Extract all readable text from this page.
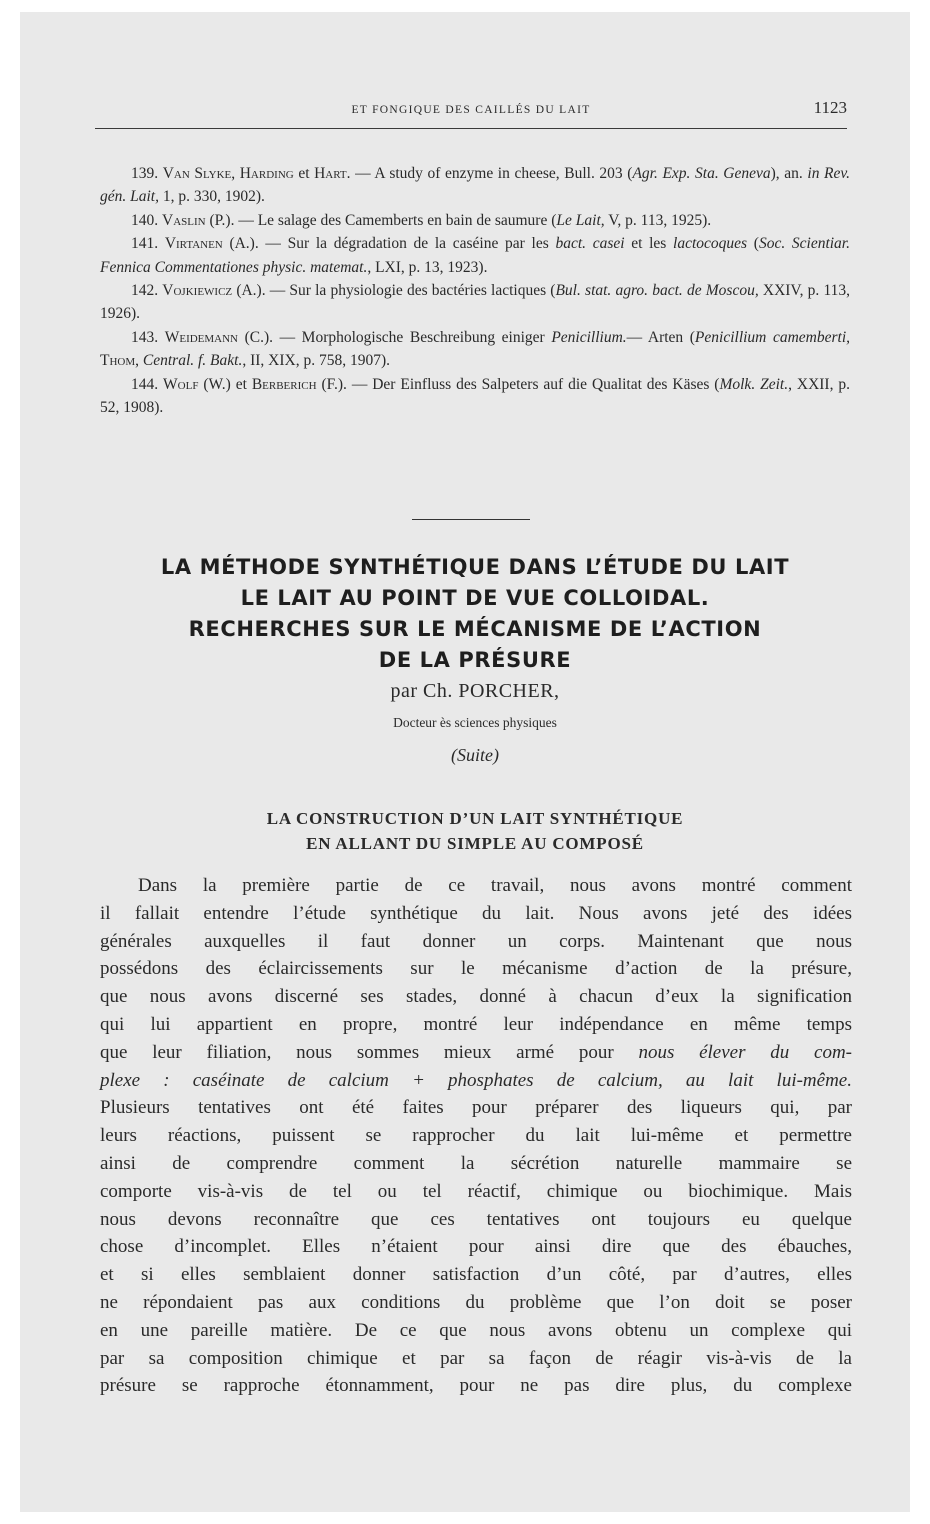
ET FONGIQUE DES CAILLÉS DU LAIT	1123

139. Van Slyke, Harding et Hart. — A study of enzyme in cheese, Bull. 203 (Agr. Exp. Sta. Geneva), an. in Rev. gén. Lait, 1, p. 330, 1902).

140. Vaslin (P.). — Le salage des Camemberts en bain de saumure (Le Lait, V, p. 113, 1925).

141. Virtanen (A.). — Sur la dégradation de la caséine par les bact. casei et les lactocoques (Soc. Scientiar. Fennica Commentationes physic. matemat., LXI, p. 13, 1923).

142. Vojkiewicz (A.). — Sur la physiologie des bactéries lactiques (Bul. stat. agro. bact. de Moscou, XXIV, p. 113, 1926).

143. Weidemann (C.). — Morphologische Beschreibung einiger Penicillium.— Arten (Penicillium camemberti, Thom, Central. f. Bakt., II, XIX, p. 758, 1907).

144. Wolf (W.) et Berberich (F.). — Der Einfluss des Salpeters auf die Qualitat des Käses (Molk. Zeit., XXII, p. 52, 1908).

LA MÉTHODE SYNTHÉTIQUE DANS L’ÉTUDE DU LAIT
LE LAIT AU POINT DE VUE COLLOIDAL.
RECHERCHES SUR LE MÉCANISME DE L’ACTION
DE LA PRÉSURE
par Ch. PORCHER,
Docteur ès sciences physiques
(Suite)
LA CONSTRUCTION D’UN LAIT SYNTHÉTIQUE
EN ALLANT DU SIMPLE AU COMPOSÉ
Dans la première partie de ce travail, nous avons montré comment
il fallait entendre l’étude synthétique du lait. Nous avons jeté des idées
générales auxquelles il faut donner un corps. Maintenant que nous
possédons des éclaircissements sur le mécanisme d’action de la présure,
que nous avons discerné ses stades, donné à chacun d’eux la signification
qui lui appartient en propre, montré leur indépendance en même temps
que leur filiation, nous sommes mieux armé pour nous élever du com-
plexe : caséinate de calcium + phosphates de calcium, au lait lui-même.
Plusieurs tentatives ont été faites pour préparer des liqueurs qui, par
leurs réactions, puissent se rapprocher du lait lui-même et permettre
ainsi de comprendre comment la sécrétion naturelle mammaire se
comporte vis-à-vis de tel ou tel réactif, chimique ou biochimique. Mais
nous devons reconnaître que ces tentatives ont toujours eu quelque
chose d’incomplet. Elles n’étaient pour ainsi dire que des ébauches,
et si elles semblaient donner satisfaction d’un côté, par d’autres, elles
ne répondaient pas aux conditions du problème que l’on doit se poser
en une pareille matière. De ce que nous avons obtenu un complexe qui
par sa composition chimique et par sa façon de réagir vis-à-vis de la
présure se rapproche étonnamment, pour ne pas dire plus, du complexe
